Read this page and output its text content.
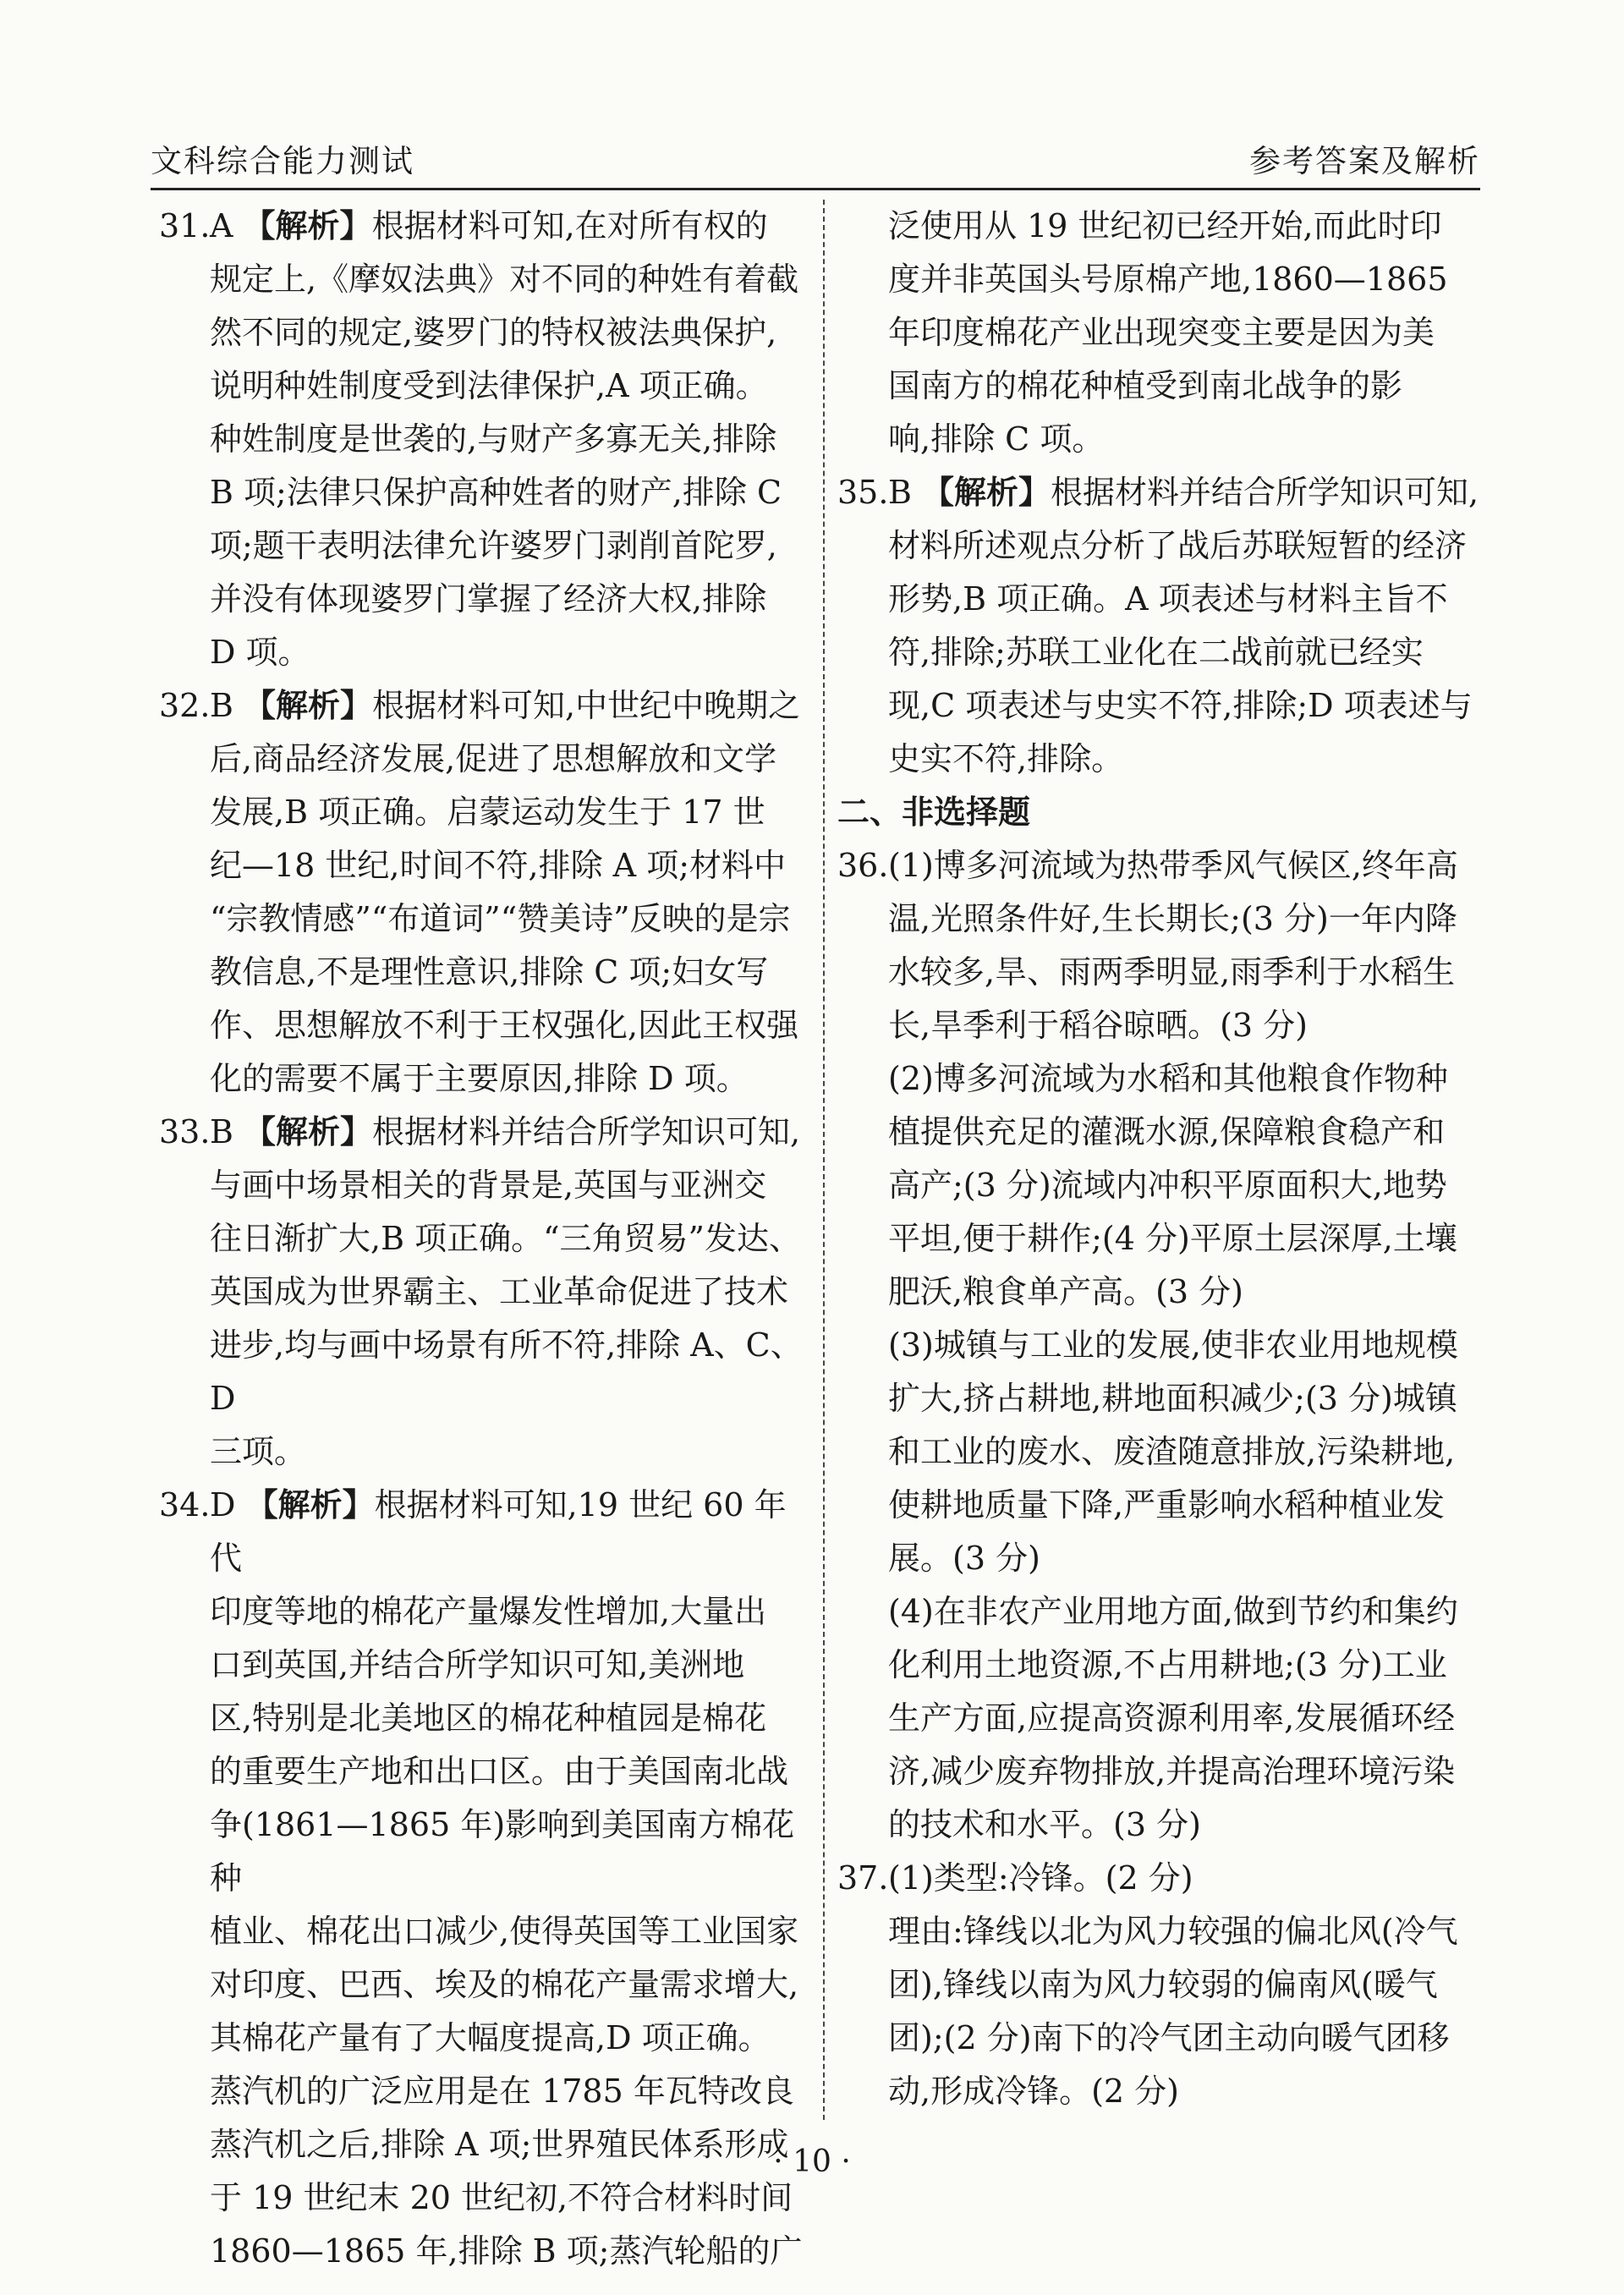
文科综合能力测试	参考答案及解析
31. A 【解析】根据材料可知,在对所有权的

规定上,《摩奴法典》对不同的种姓有着截

然不同的规定,婆罗门的特权被法典保护,

说明种姓制度受到法律保护,A 项正确。

种姓制度是世袭的,与财产多寡无关,排除

B 项;法律只保护高种姓者的财产,排除 C

项;题干表明法律允许婆罗门剥削首陀罗,

并没有体现婆罗门掌握了经济大权,排除

D 项。

32. B 【解析】根据材料可知,中世纪中晚期之

后,商品经济发展,促进了思想解放和文学

发展,B 项正确。启蒙运动发生于 17 世

纪—18 世纪,时间不符,排除 A 项;材料中

“宗教情感”“布道词”“赞美诗”反映的是宗

教信息,不是理性意识,排除 C 项;妇女写

作、思想解放不利于王权强化,因此王权强

化的需要不属于主要原因,排除 D 项。

33. B 【解析】根据材料并结合所学知识可知,

与画中场景相关的背景是,英国与亚洲交

往日渐扩大,B 项正确。“三角贸易”发达、

英国成为世界霸主、工业革命促进了技术

进步,均与画中场景有所不符,排除 A、C、D

三项。

34. D 【解析】根据材料可知,19 世纪 60 年代

印度等地的棉花产量爆发性增加,大量出

口到英国,并结合所学知识可知,美洲地

区,特别是北美地区的棉花种植园是棉花

的重要生产地和出口区。由于美国南北战

争(1861—1865 年)影响到美国南方棉花种

植业、棉花出口减少,使得英国等工业国家

对印度、巴西、埃及的棉花产量需求增大,

其棉花产量有了大幅度提高,D 项正确。

蒸汽机的广泛应用是在 1785 年瓦特改良

蒸汽机之后,排除 A 项;世界殖民体系形成

于 19 世纪末 20 世纪初,不符合材料时间

1860—1865 年,排除 B 项;蒸汽轮船的广

泛使用从 19 世纪初已经开始,而此时印

度并非英国头号原棉产地,1860—1865

年印度棉花产业出现突变主要是因为美

国南方的棉花种植受到南北战争的影

响,排除 C 项。

35. B 【解析】根据材料并结合所学知识可知,

材料所述观点分析了战后苏联短暂的经济

形势,B 项正确。A 项表述与材料主旨不

符,排除;苏联工业化在二战前就已经实

现,C 项表述与史实不符,排除;D 项表述与

史实不符,排除。

二、非选择题

36. (1)博多河流域为热带季风气候区,终年高

温,光照条件好,生长期长;(3 分)一年内降

水较多,旱、雨两季明显,雨季利于水稻生

长,旱季利于稻谷晾晒。(3 分)

(2)博多河流域为水稻和其他粮食作物种

植提供充足的灌溉水源,保障粮食稳产和

高产;(3 分)流域内冲积平原面积大,地势

平坦,便于耕作;(4 分)平原土层深厚,土壤

肥沃,粮食单产高。(3 分)

(3)城镇与工业的发展,使非农业用地规模

扩大,挤占耕地,耕地面积减少;(3 分)城镇

和工业的废水、废渣随意排放,污染耕地,

使耕地质量下降,严重影响水稻种植业发

展。(3 分)

(4)在非农产业用地方面,做到节约和集约

化利用土地资源,不占用耕地;(3 分)工业

生产方面,应提高资源利用率,发展循环经

济,减少废弃物排放,并提高治理环境污染

的技术和水平。(3 分)

37. (1)类型:冷锋。(2 分)

理由:锋线以北为风力较强的偏北风(冷气

团),锋线以南为风力较弱的偏南风(暖气

团);(2 分)南下的冷气团主动向暖气团移

动,形成冷锋。(2 分)

· 10 ·
